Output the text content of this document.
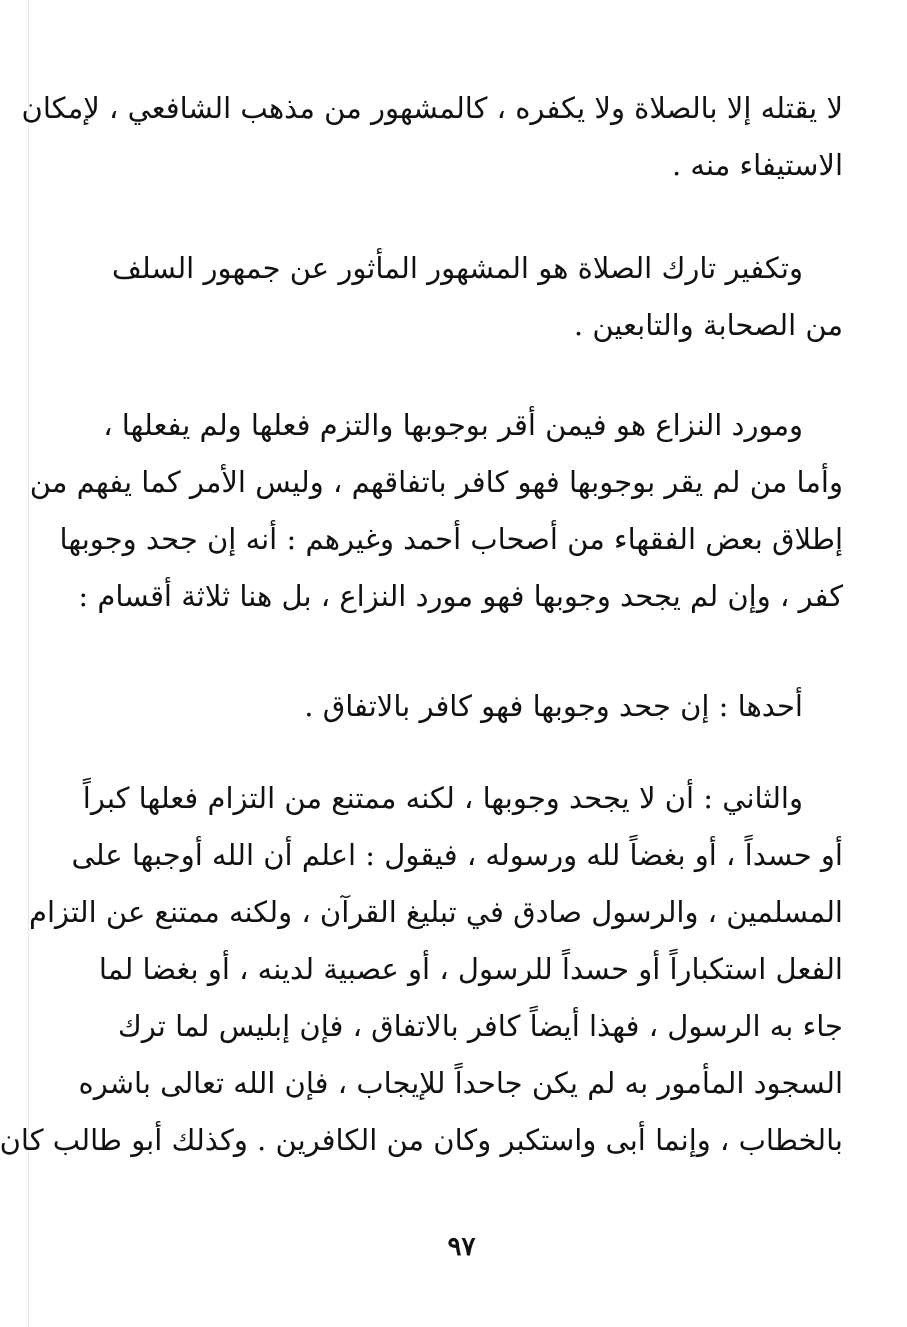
لا يقتله إلا بالصلاة ولا يكفره ، كالمشهور من مذهب الشافعي ، لإمكان
الاستيفاء منه .

وتكفير تارك الصلاة هو المشهور المأثور عن جمهور السلف
من الصحابة والتابعين .

ومورد النزاع هو فيمن أقر بوجوبها والتزم فعلها ولم يفعلها ،
وأما من لم يقر بوجوبها فهو كافر باتفاقهم ، وليس الأمر كما يفهم من
إطلاق بعض الفقهاء من أصحاب أحمد وغيرهم : أنه إن جحد وجوبها
كفر ، وإن لم يجحد وجوبها فهو مورد النزاع ، بل هنا ثلاثة أقسام :

أحدها : إن جحد وجوبها فهو كافر بالاتفاق .

والثاني : أن لا يجحد وجوبها ، لكنه ممتنع من التزام فعلها كبراً
أو حسداً ، أو بغضاً لله ورسوله ، فيقول : اعلم أن الله أوجبها على
المسلمين ، والرسول صادق في تبليغ القرآن ، ولكنه ممتنع عن التزام
الفعل استكباراً أو حسداً للرسول ، أو عصبية لدينه ، أو بغضا لما
جاء به الرسول ، فهذا أيضاً كافر بالاتفاق ، فإن إبليس لما ترك
السجود المأمور به لم يكن جاحداً للإيجاب ، فإن الله تعالى باشره
بالخطاب ، وإنما أبى واستكبر وكان من الكافرين . وكذلك أبو طالب كان

٩٧
